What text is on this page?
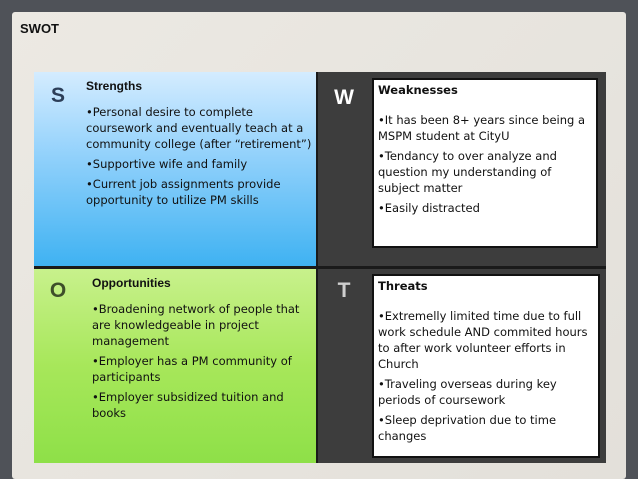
SWOT
S	W
O	T
Strengths

•Personal desire to complete coursework and eventually teach at a community college (after “retirement”)

•Supportive wife and family

•Current job assignments provide opportunity to utilize PM skills

Weaknesses

•It has been 8+ years since being a MSPM student at CityU

•Tendancy to over analyze and question my understanding of subject matter

•Easily distracted

Opportunities

•Broadening network of people that are knowledgeable in project management

•Employer has a PM community of participants

•Employer subsidized tuition and books

Threats

•Extremelly limited time due to full work schedule AND commited hours to after work volunteer efforts in Church

•Traveling overseas during key periods of coursework

•Sleep deprivation due to time changes
